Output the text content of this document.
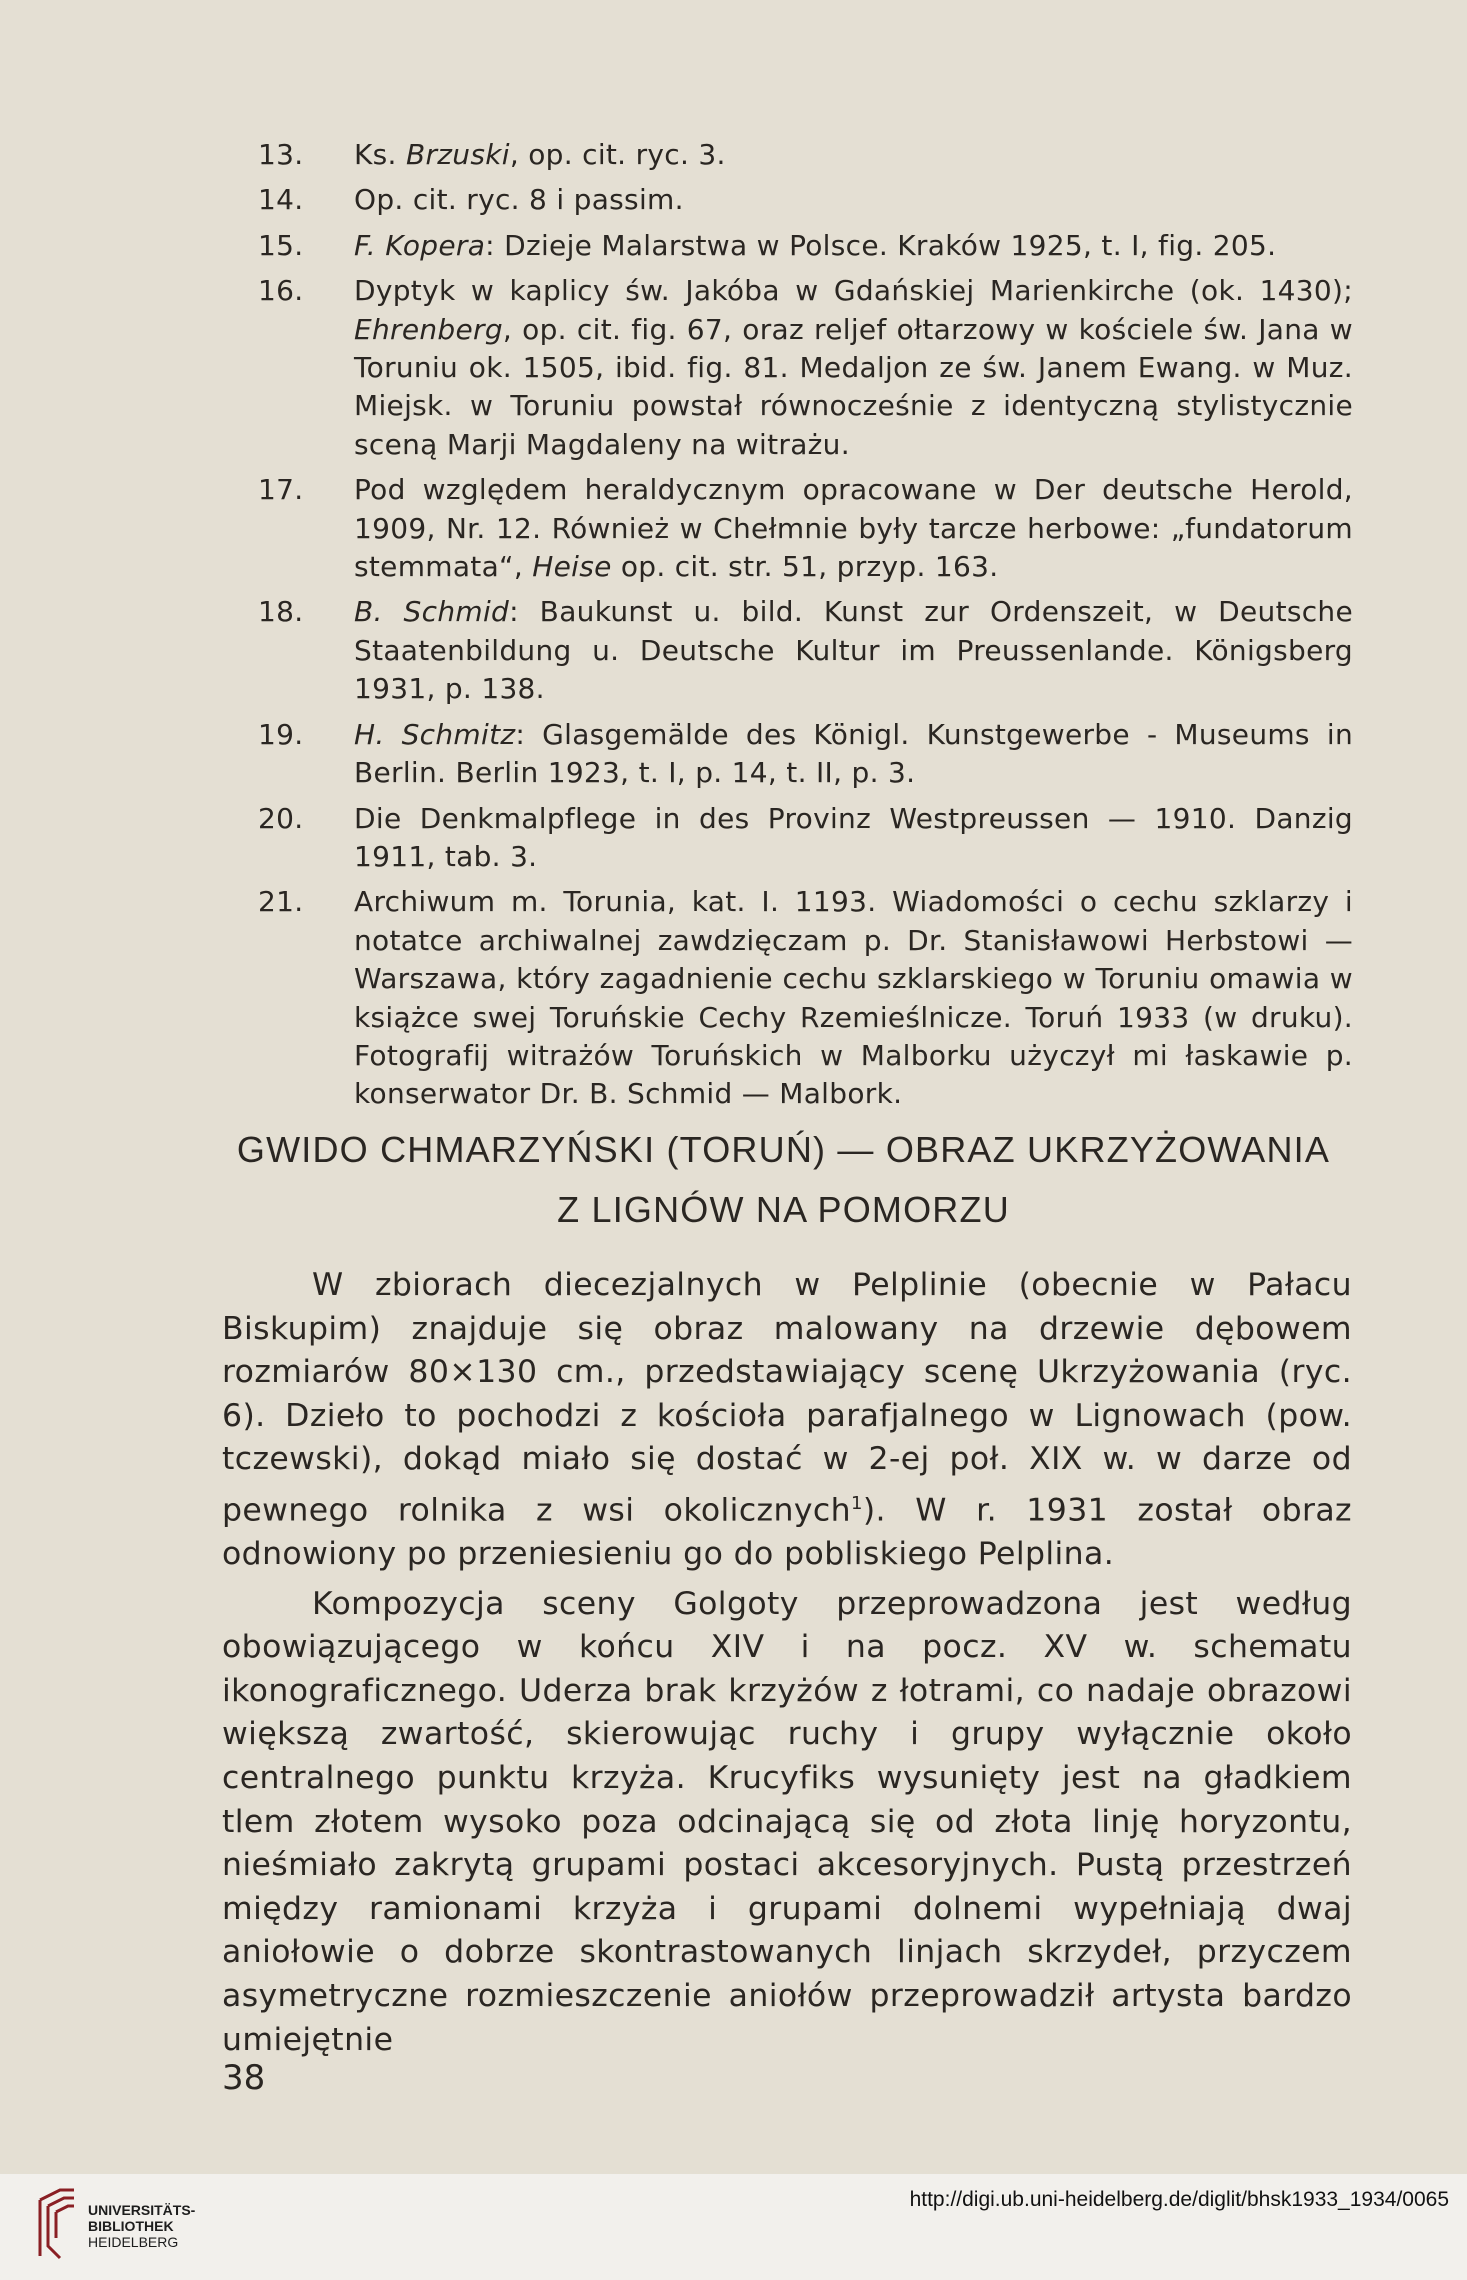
13. Ks. Brzuski, op. cit. ryc. 3.
14. Op. cit. ryc. 8 i passim.
15. F. Kopera: Dzieje Malarstwa w Polsce. Kraków 1925, t. I, fig. 205.
16. Dyptyk w kaplicy św. Jakóba w Gdańskiej Marienkirche (ok. 1430); Ehrenberg, op. cit. fig. 67, oraz reljef ołtarzowy w kościele św. Jana w Toruniu ok. 1505, ibid. fig. 81. Medaljon ze św. Janem Ewang. w Muz. Miejsk. w Toruniu powstał równocześnie z identyczną stylistycznie sceną Marji Magdaleny na witrażu.
17. Pod względem heraldycznym opracowane w Der deutsche Herold, 1909, Nr. 12. Również w Chełmnie były tarcze herbowe: „fundatorum stemmata“, Heise op. cit. str. 51, przyp. 163.
18. B. Schmid: Baukunst u. bild. Kunst zur Ordenszeit, w Deutsche Staatenbildung u. Deutsche Kultur im Preussenlande. Königsberg 1931, p. 138.
19. H. Schmitz: Glasgemälde des Königl. Kunstgewerbe - Museums in Berlin. Berlin 1923, t. I, p. 14, t. II, p. 3.
20. Die Denkmalpflege in des Provinz Westpreussen — 1910. Danzig 1911, tab. 3.
21. Archiwum m. Torunia, kat. I. 1193. Wiadomości o cechu szklarzy i notatce archiwalnej zawdzięczam p. Dr. Stanisławowi Herbstowi — Warszawa, który zagadnienie cechu szklarskiego w Toruniu omawia w książce swej Toruńskie Cechy Rzemieślnicze. Toruń 1933 (w druku). Fotografij witrażów Toruńskich w Malborku użyczył mi łaskawie p. konserwator Dr. B. Schmid — Malbork.
GWIDO CHMARZYŃSKI (TORUŃ) — OBRAZ UKRZYŻOWANIA
Z LIGNÓW NA POMORZU

W zbiorach diecezjalnych w Pelplinie (obecnie w Pałacu Biskupim) znajduje się obraz malowany na drzewie dębowem rozmiarów 80×130 cm., przedstawiający scenę Ukrzyżowania (ryc. 6). Dzieło to pochodzi z kościoła parafjalnego w Lignowach (pow. tczewski), dokąd miało się dostać w 2-ej poł. XIX w. w darze od pewnego rolnika z wsi okolicznych$^1$). W r. 1931 został obraz odnowiony po przeniesieniu go do pobliskiego Pelplina.

Kompozycja sceny Golgoty przeprowadzona jest według obowiązującego w końcu XIV i na pocz. XV w. schematu ikonograficznego. Uderza brak krzyżów z łotrami, co nadaje obrazowi większą zwartość, skierowując ruchy i grupy wyłącznie około centralnego punktu krzyża. Krucyfiks wysunięty jest na gładkiem tlem złotem wysoko poza odcinającą się od złota linję horyzontu, nieśmiało zakrytą grupami postaci akcesoryjnych. Pustą przestrzeń między ramionami krzyża i grupami dolnemi wypełniają dwaj aniołowie o dobrze skontrastowanych linjach skrzydeł, przyczem asymetryczne rozmieszczenie aniołów przeprowadził artysta bardzo umiejętnie

38
UNIVERSITÄTS-
BIBLIOTHEK
HEIDELBERG
http://digi.ub.uni-heidelberg.de/diglit/bhsk1933_1934/0065
